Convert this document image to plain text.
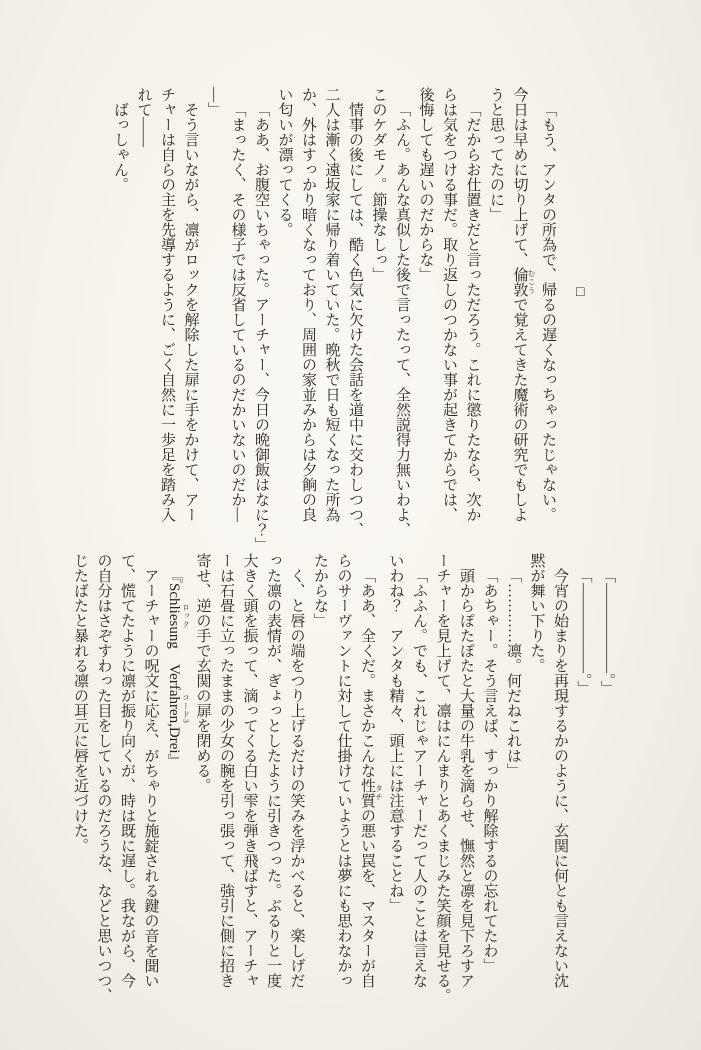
□

「もう、アンタの所為で、帰るの遅くなっちゃったじゃない。

今日は早めに切り上げて、倫敦 むこうで覚えてきた魔術の研究でもしよ

うと思ってたのに」

「だからお仕置きだと言っただろう。これに懲りたなら、次か

らは気をつける事だ。取り返しのつかない事が起きてからでは、

後悔しても遅いのだからな」

「ふん。あんな真似した後で言ったって、全然説得力無いわよ、

このケダモノ。節操なしっ」

情事の後にしては、酷く色気に欠けた会話を道中に交わしつつ、

二人は漸く遠坂家に帰り着いていた。晩秋で日も短くなった所為

か、外はすっかり暗くなっており、周囲の家並みからは夕餉の良

い匂いが漂ってくる。

「ああ、お腹空いちゃった。アーチャー、今日の晩御飯はなに？」

「まったく、その様子では反省しているのだかいないのだか―

―」

そう言いながら、凛がロックを解除した扉に手をかけて、アー

チャーは自らの主を先導するように、ごく自然に一歩足を踏み入

れて――

ばっしゃん。

「――――――。」

「――――――。」

今宵の始まりを再現するかのように、玄関に何とも言えない沈

黙が舞い下りた。

「…………凛。何だねこれは」

「あちゃー。そう言えば、すっかり解除するの忘れてたわ」

頭からぽたぽたと大量の牛乳を滴らせ、憮然と凛を見下ろすア

ーチャーを見上げて、凛はにんまりとあくまじみた笑顔を見せる。

「ふふん。でも、これじゃアーチャーだって人のことは言えな

いわね？　アンタも精々、頭上には注意することね」

「ああ、全くだ。まさかこんな性質 タチの悪い罠を、マスターが自

らのサーヴァントに対して仕掛けていようとは夢にも思わなかっ

たからな」

く、と唇の端をつり上げるだけの笑みを浮かべると、楽しげだ

った凛の表情が、ぎょっとしたように引きつった。ぶるりと一度

大きく頭を振って、滴ってくる白い雫を弾き飛ばすと、アーチャ

ーは石畳に立ったままの少女の腕を引っ張って、強引に側に招き

寄せ、逆の手で玄関の扉を閉める。

『Schliesung ロック　Verfahren,Drei コード3』

アーチャーの呪文に応え、がちゃりと施錠される鍵の音を聞い

て、慌てたように凛が振り向くが、時は既に遅し。我ながら、今

の自分はさぞすわった目をしているのだろうな、などと思いつつ、

じたばたと暴れる凛の耳元に唇を近づけた。
